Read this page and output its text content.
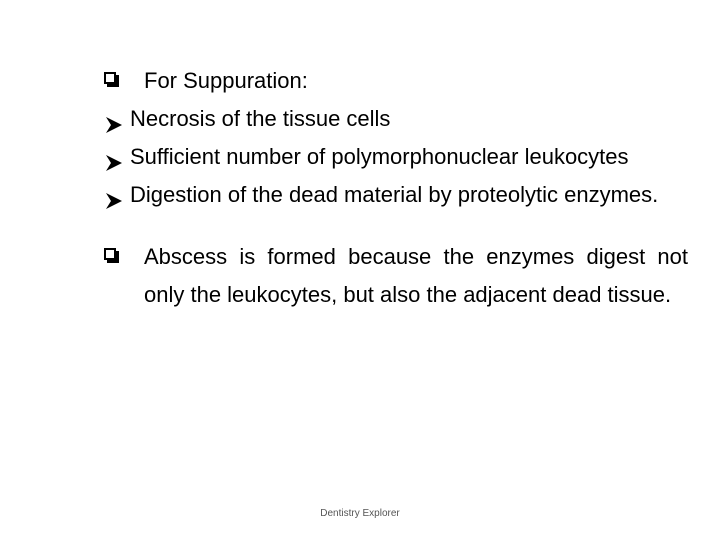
For Suppuration:
Necrosis of the tissue cells
Sufficient number of polymorphonuclear leukocytes
Digestion of the dead material by proteolytic enzymes.
Abscess is formed because the enzymes digest not only the leukocytes, but also the adjacent dead tissue.
Dentistry Explorer
